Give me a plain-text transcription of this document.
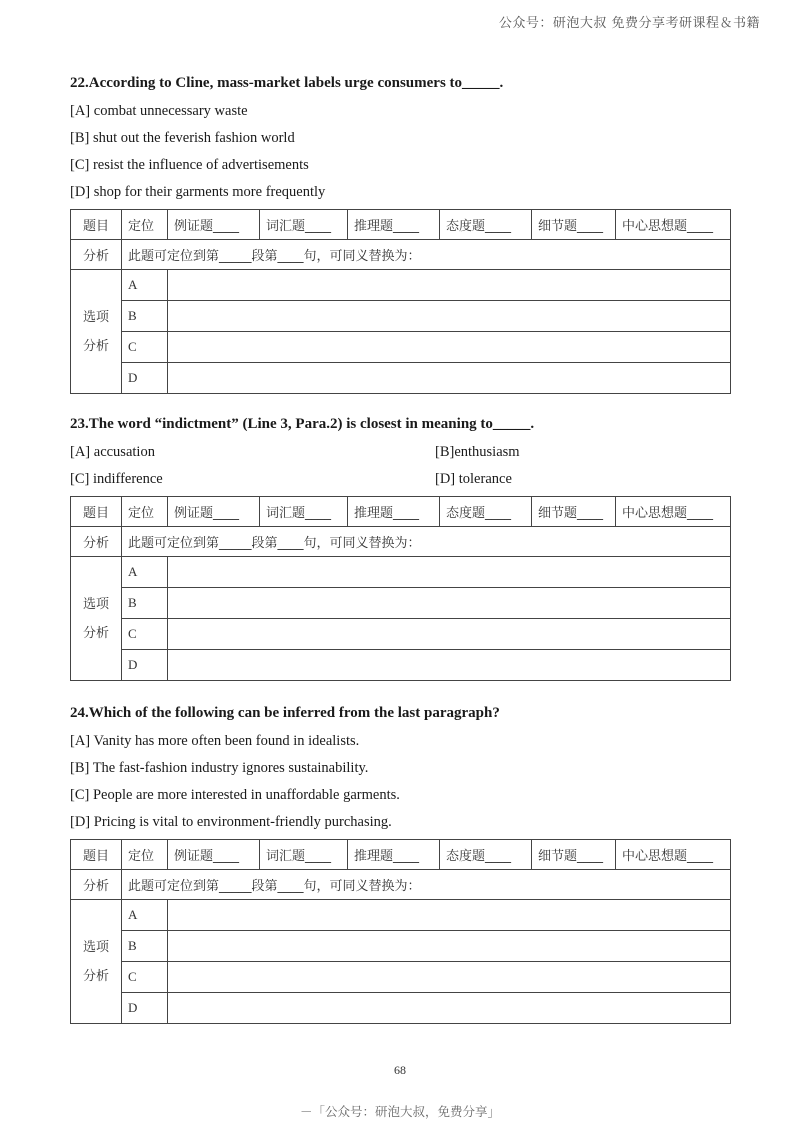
公众号：研泡大叔 免费分享考研课程＆书籍
22.According to Cline, mass-market labels urge consumers to_____.
[A] combat unnecessary waste
[B] shut out the feverish fashion world
[C] resist the influence of advertisements
[D] shop for their garments more frequently
题目	定位	例证题____	词汇题____	推理题____	态度题____	细节题____	中心思想题____
分析	此题可定位到第_____段第____句，可同义替换为：						

选项
分析	A						
	B						
	C						
	D						
23.The word “indictment” (Line 3, Para.2) is closest in meaning to_____.
[A] accusation	[B]enthusiasm
[C] indifference	[D] tolerance
题目	定位	例证题____	词汇题____	推理题____	态度题____	细节题____	中心思想题____
分析	此题可定位到第_____段第____句，可同义替换为：						

选项
分析	A						
	B						
	C						
	D						
24.Which of the following can be inferred from the last paragraph?
[A] Vanity has more often been found in idealists.
[B] The fast-fashion industry ignores sustainability.
[C] People are more interested in unaffordable garments.
[D] Pricing is vital to environment-friendly purchasing.
题目	定位	例证题____	词汇题____	推理题____	态度题____	细节题____	中心思想题____
分析	此题可定位到第_____段第____句，可同义替换为：						

选项
分析	A						
	B						
	C						
	D						
68
－「公众号：研泡大叔，免费分享」
